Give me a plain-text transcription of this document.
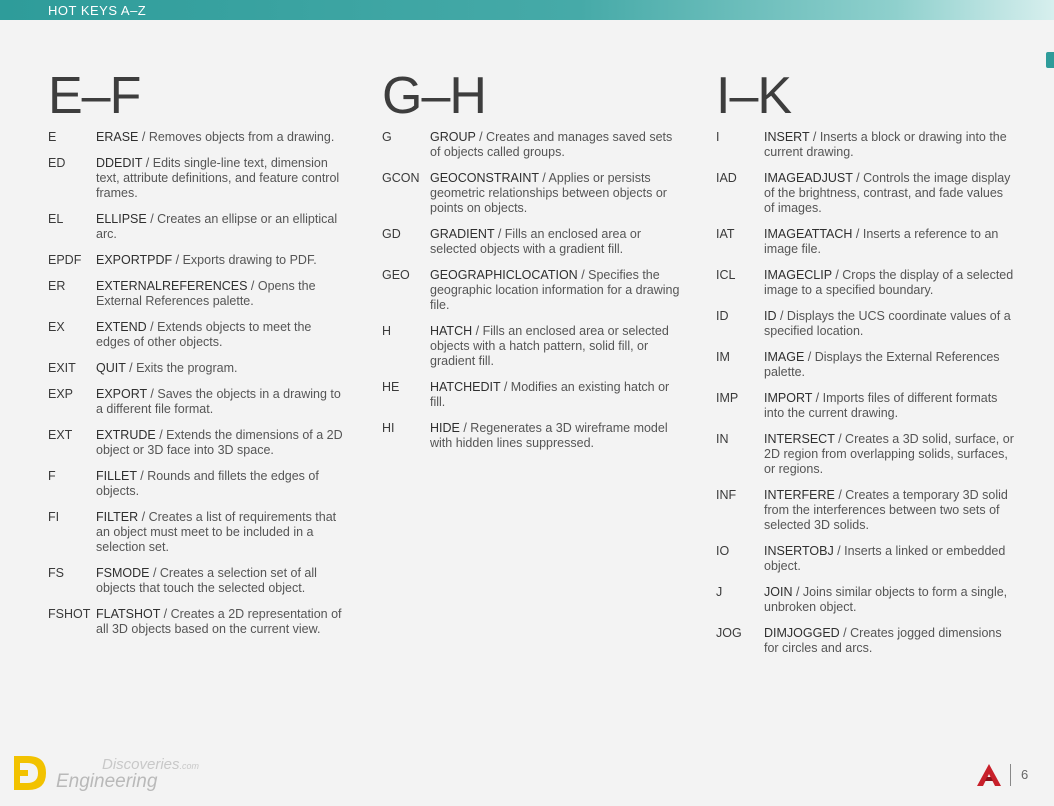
HOT KEYS A–Z
E–F
E	ERASE / Removes objects from a drawing.
ED DDEDIT / Edits single-line text, dimension text, attribute definitions, and feature control frames.
EL	ELLIPSE / Creates an ellipse or an elliptical arc.
EPDF EXPORTPDF / Exports drawing to PDF.
ER EXTERNALREFERENCES / Opens the External References palette.
EX	EXTEND / Extends objects to meet the edges of other objects.
EXIT QUIT / Exits the program.
EXP EXPORT / Saves the objects in a drawing to a different file format.
EXT EXTRUDE / Extends the dimensions of a 2D object or 3D face into 3D space.
F	FILLET / Rounds and fillets the edges of objects.
FI	FILTER / Creates a list of requirements that an object must meet to be included in a selection set.
FS	FSMODE / Creates a selection set of all objects that touch the selected object.
FSHOT FLATSHOT / Creates a 2D representation of all 3D objects based on the current view.
G–H
G	GROUP / Creates and manages saved sets of objects called groups.
GCON GEOCONSTRAINT / Applies or persists geometric relationships between objects or points on objects.
GD GRADIENT / Fills an enclosed area or selected objects with a gradient fill.
GEO GEOGRAPHICLOCATION / Specifies the geographic location information for a drawing file.
H	HATCH / Fills an enclosed area or selected objects with a hatch pattern, solid fill, or gradient fill.
HE HATCHEDIT / Modifies an existing hatch or fill.
HI	HIDE / Regenerates a 3D wireframe model with hidden lines suppressed.
I–K
I	INSERT / Inserts a block or drawing into the current drawing.
IAD IMAGEADJUST / Controls the image display of the brightness, contrast, and fade values of images.
IAT IMAGEATTACH / Inserts a reference to an image file.
ICL IMAGECLIP / Crops the display of a selected image to a specified boundary.
ID	ID / Displays the UCS coordinate values of a specified location.
IM	IMAGE / Displays the External References palette.
IMP IMPORT / Imports files of different formats into the current drawing.
IN	INTERSECT / Creates a 3D solid, surface, or 2D region from overlapping solids, surfaces, or regions.
INF INTERFERE / Creates a temporary 3D solid from the interferences between two sets of selected 3D solids.
IO	INSERTOBJ / Inserts a linked or embedded object.
J	JOIN / Joins similar objects to form a single, unbroken object.
JOG DIMJOGGED / Creates jogged dimensions for circles and arcs.
Discoveries.com
Engineering	6
